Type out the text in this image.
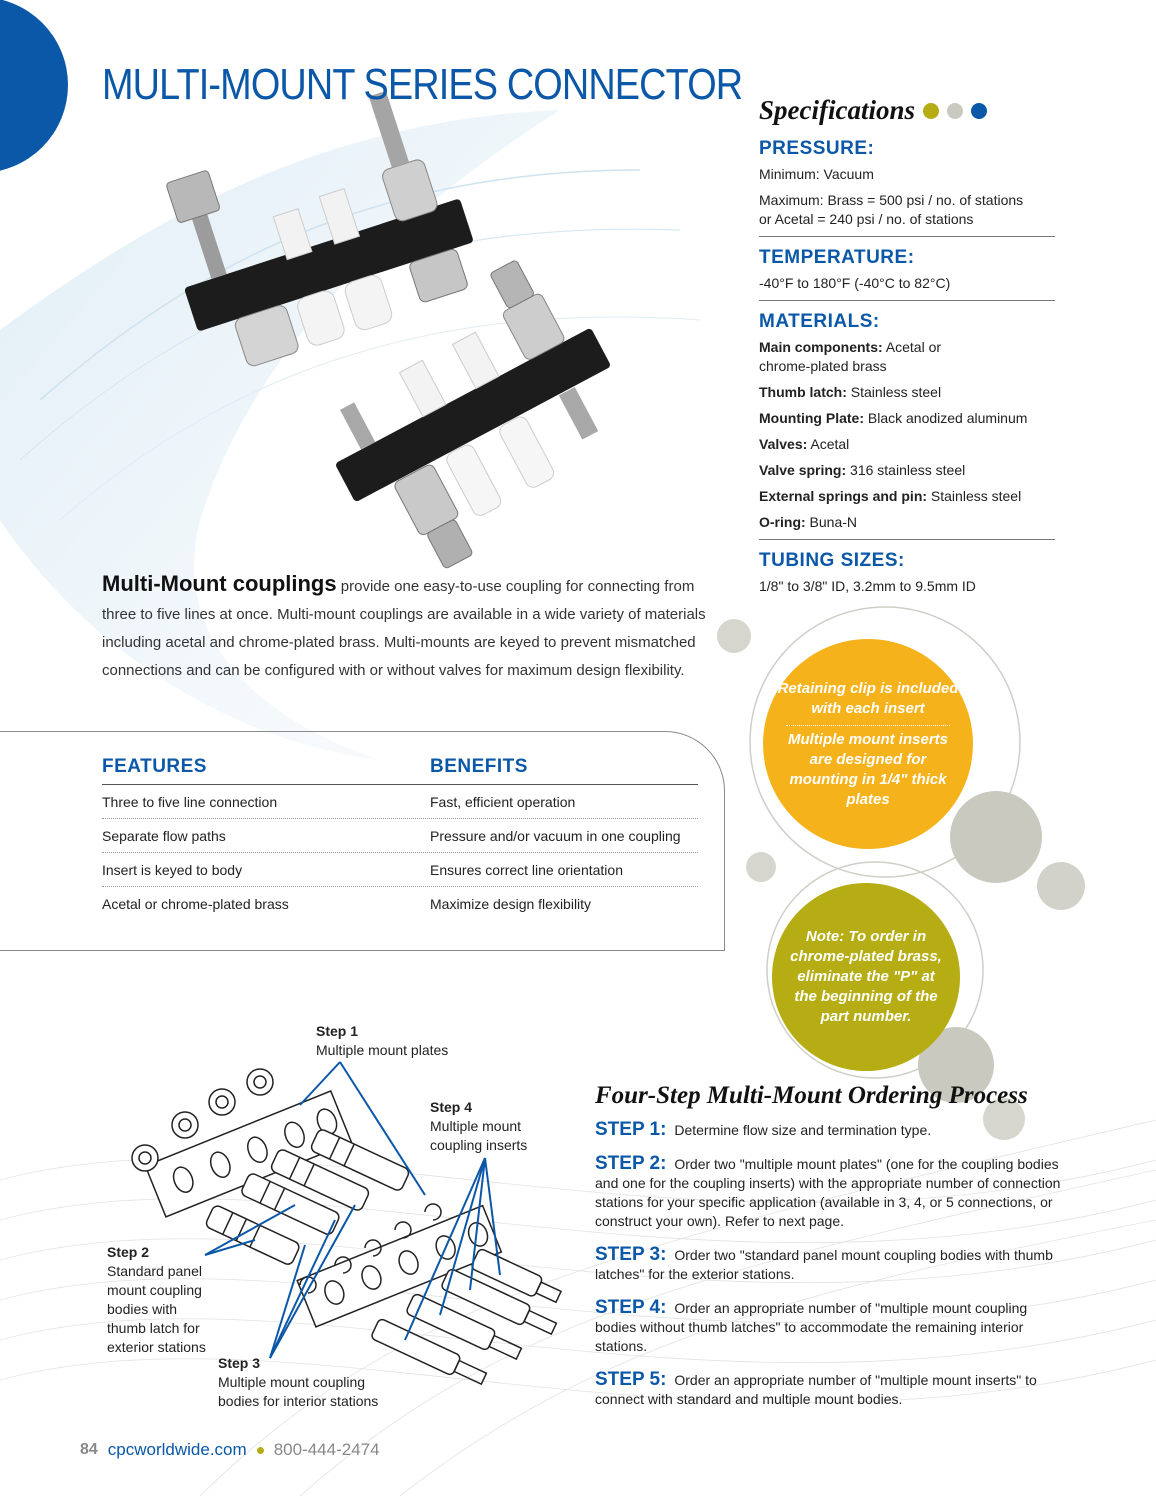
MULTI-MOUNT SERIES CONNECTOR
Specifications
PRESSURE:

Minimum: Vacuum

Maximum: Brass = 500 psi / no. of stations
or Acetal = 240 psi / no. of stations

TEMPERATURE:

-40°F to 180°F (-40°C to 82°C)

MATERIALS:

Main components: Acetal or
chrome-plated brass

Thumb latch: Stainless steel

Mounting Plate: Black anodized aluminum

Valves: Acetal

Valve spring: 316 stainless steel

External springs and pin: Stainless steel

O-ring: Buna-N

TUBING SIZES:

1/8" to 3/8" ID, 3.2mm to 9.5mm ID

Multi-Mount couplings provide one easy-to-use coupling for connecting from three to five lines at once. Multi-mount couplings are available in a wide variety of materials including acetal and chrome-plated brass. Multi-mounts are keyed to prevent mismatched connections and can be configured with or without valves for maximum design flexibility.
FEATURES	BENEFITS
Three to five line connection	Fast, efficient operation
Separate flow paths	Pressure and/or vacuum in one coupling
Insert is keyed to body	Ensures correct line orientation
Acetal or chrome-plated brass	Maximize design flexibility
Retaining clip is included with each insert
Multiple mount inserts are designed for mounting in 1/4" thick plates
Note: To order in chrome-plated brass, eliminate the "P" at the beginning of the part number.
Step 1
Multiple mount plates
Step 4
Multiple mount
coupling inserts
Step 2
Standard panel
mount coupling
bodies with
thumb latch for
exterior stations
Step 3
Multiple mount coupling
bodies for interior stations
Four-Step Multi-Mount Ordering Process
STEP 1: Determine flow size and termination type.
STEP 2: Order two "multiple mount plates" (one for the coupling bodies and one for the coupling inserts) with the appropriate number of connection stations for your specific application (available in 3, 4, or 5 connections, or construct your own). Refer to next page.
STEP 3: Order two "standard panel mount coupling bodies with thumb latches" for the exterior stations.
STEP 4: Order an appropriate number of "multiple mount coupling bodies without thumb latches" to accommodate the remaining interior stations.
STEP 5: Order an appropriate number of "multiple mount inserts" to connect with standard and multiple mount bodies.
84 cpcworldwide.com 800-444-2474
